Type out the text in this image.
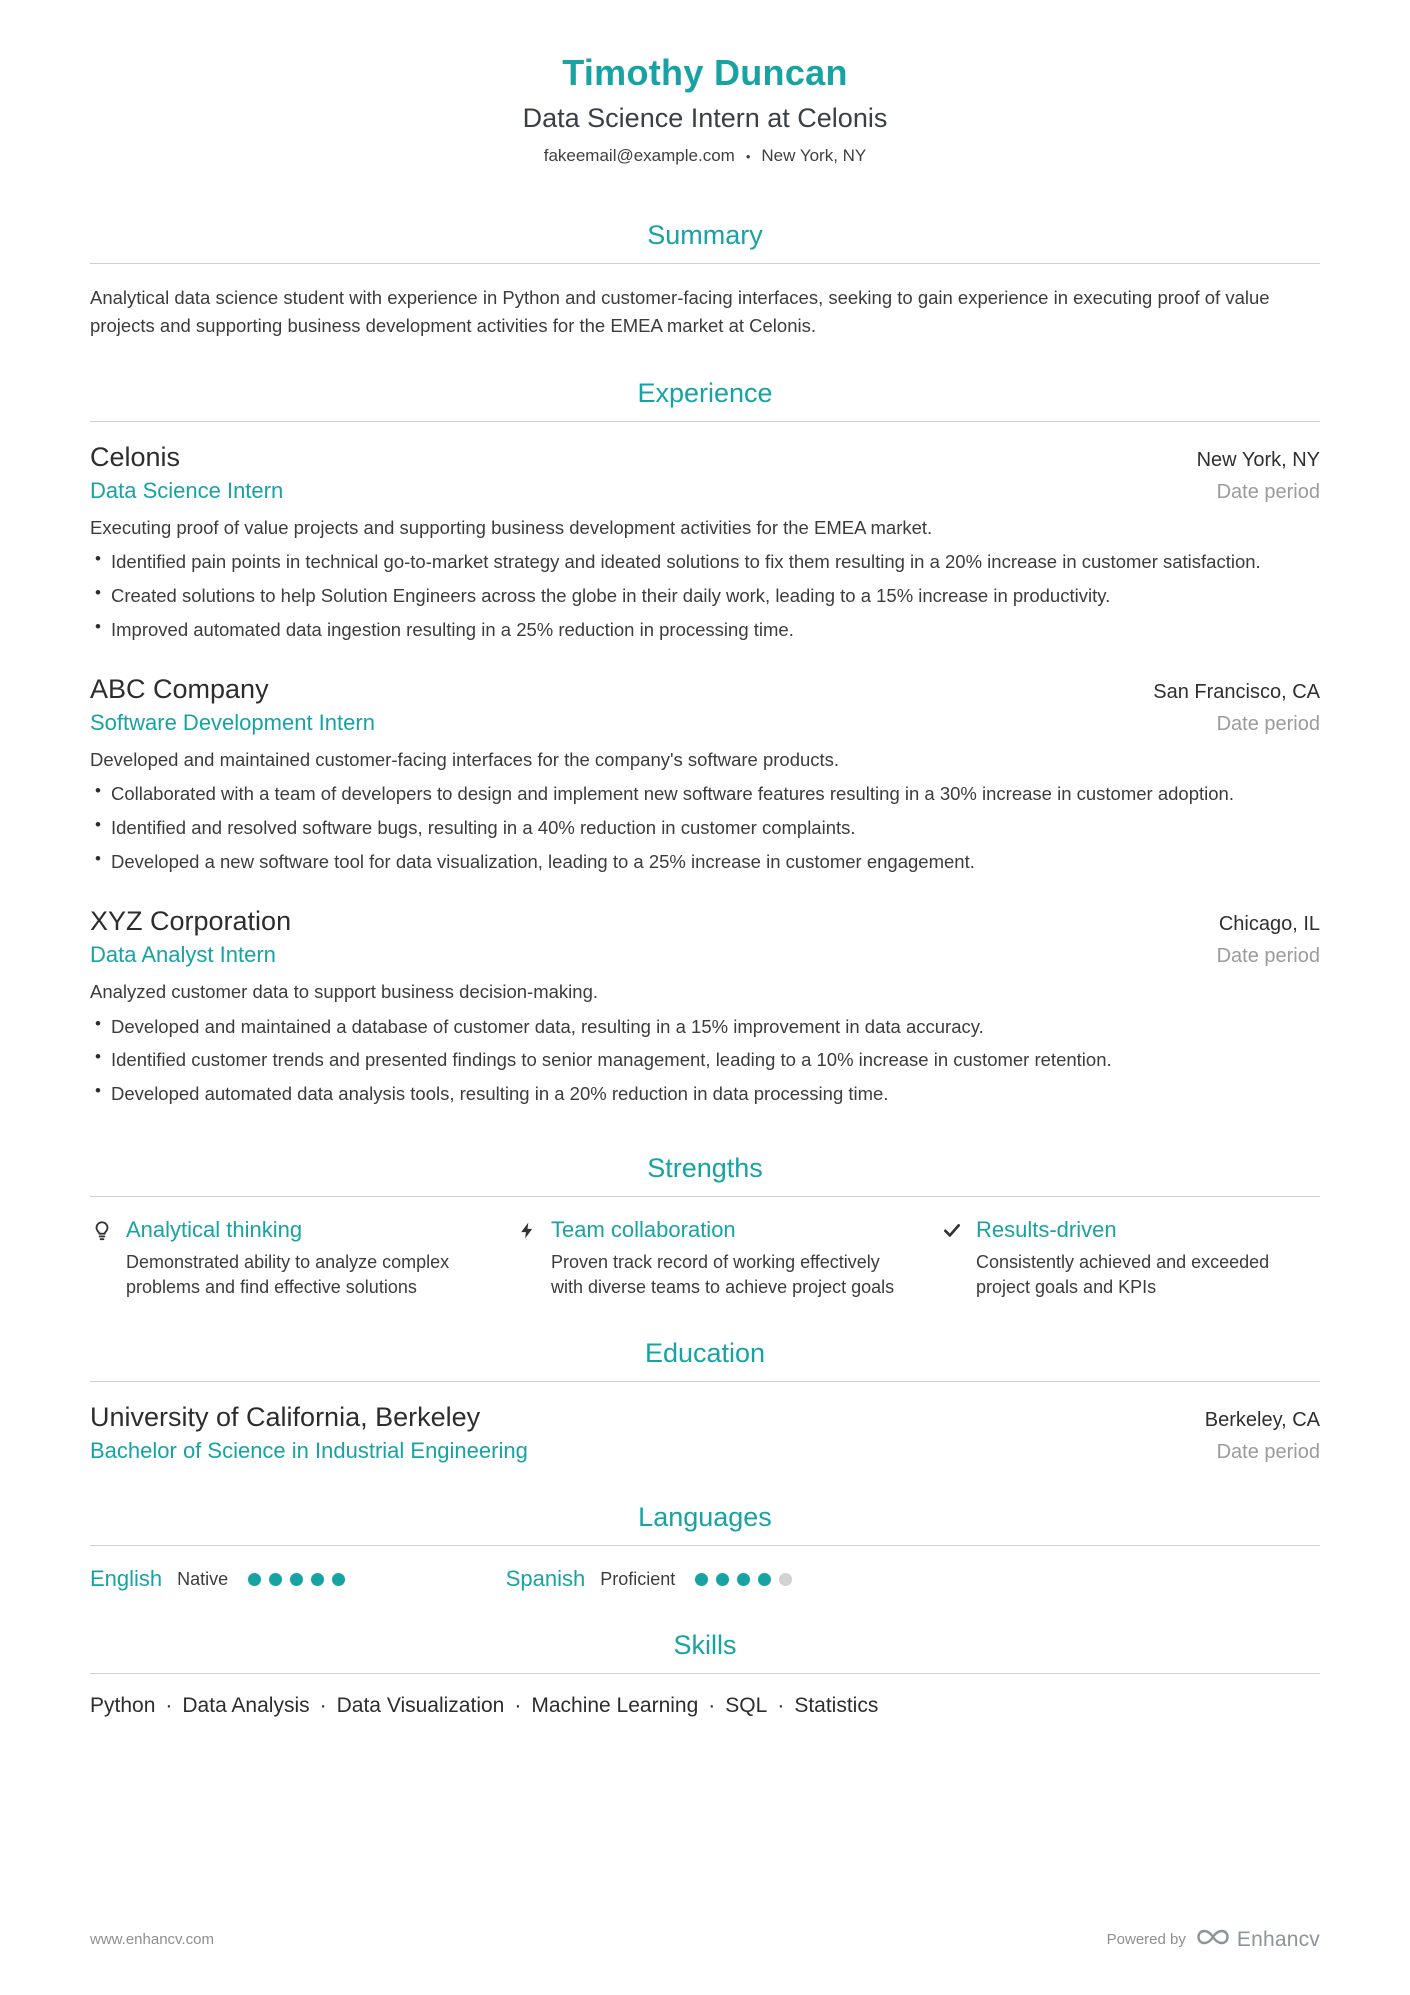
Timothy Duncan
Data Science Intern at Celonis
fakeemail@example.com • New York, NY
Summary

Analytical data science student with experience in Python and customer-facing interfaces, seeking to gain experience in executing proof of value projects and supporting business development activities for the EMEA market at Celonis.

Experience
Celonis	New York, NY
Data Science Intern	Date period

Executing proof of value projects and supporting business development activities for the EMEA market.

• Identified pain points in technical go-to-market strategy and ideated solutions to fix them resulting in a 20% increase in customer satisfaction.
• Created solutions to help Solution Engineers across the globe in their daily work, leading to a 15% increase in productivity.
• Improved automated data ingestion resulting in a 25% reduction in processing time.
ABC Company	San Francisco, CA
Software Development Intern	Date period

Developed and maintained customer-facing interfaces for the company's software products.

• Collaborated with a team of developers to design and implement new software features resulting in a 30% increase in customer adoption.
• Identified and resolved software bugs, resulting in a 40% reduction in customer complaints.
• Developed a new software tool for data visualization, leading to a 25% increase in customer engagement.
XYZ Corporation	Chicago, IL
Data Analyst Intern	Date period

Analyzed customer data to support business decision-making.

• Developed and maintained a database of customer data, resulting in a 15% improvement in data accuracy.
• Identified customer trends and presented findings to senior management, leading to a 10% increase in customer retention.
• Developed automated data analysis tools, resulting in a 20% reduction in data processing time.
Strengths
Analytical thinking

Demonstrated ability to analyze complex problems and find effective solutions

Team collaboration

Proven track record of working effectively with diverse teams to achieve project goals

Results-driven

Consistently achieved and exceeded project goals and KPIs

Education
University of California, Berkeley	Berkeley, CA
Bachelor of Science in Industrial Engineering	Date period
Languages
English Native	Spanish Proficient
Skills
Python ·	Data Analysis ·	Data Visualization ·	Machine Learning ·	SQL ·	Statistics
www.enhancv.com	Powered by Enhancv
